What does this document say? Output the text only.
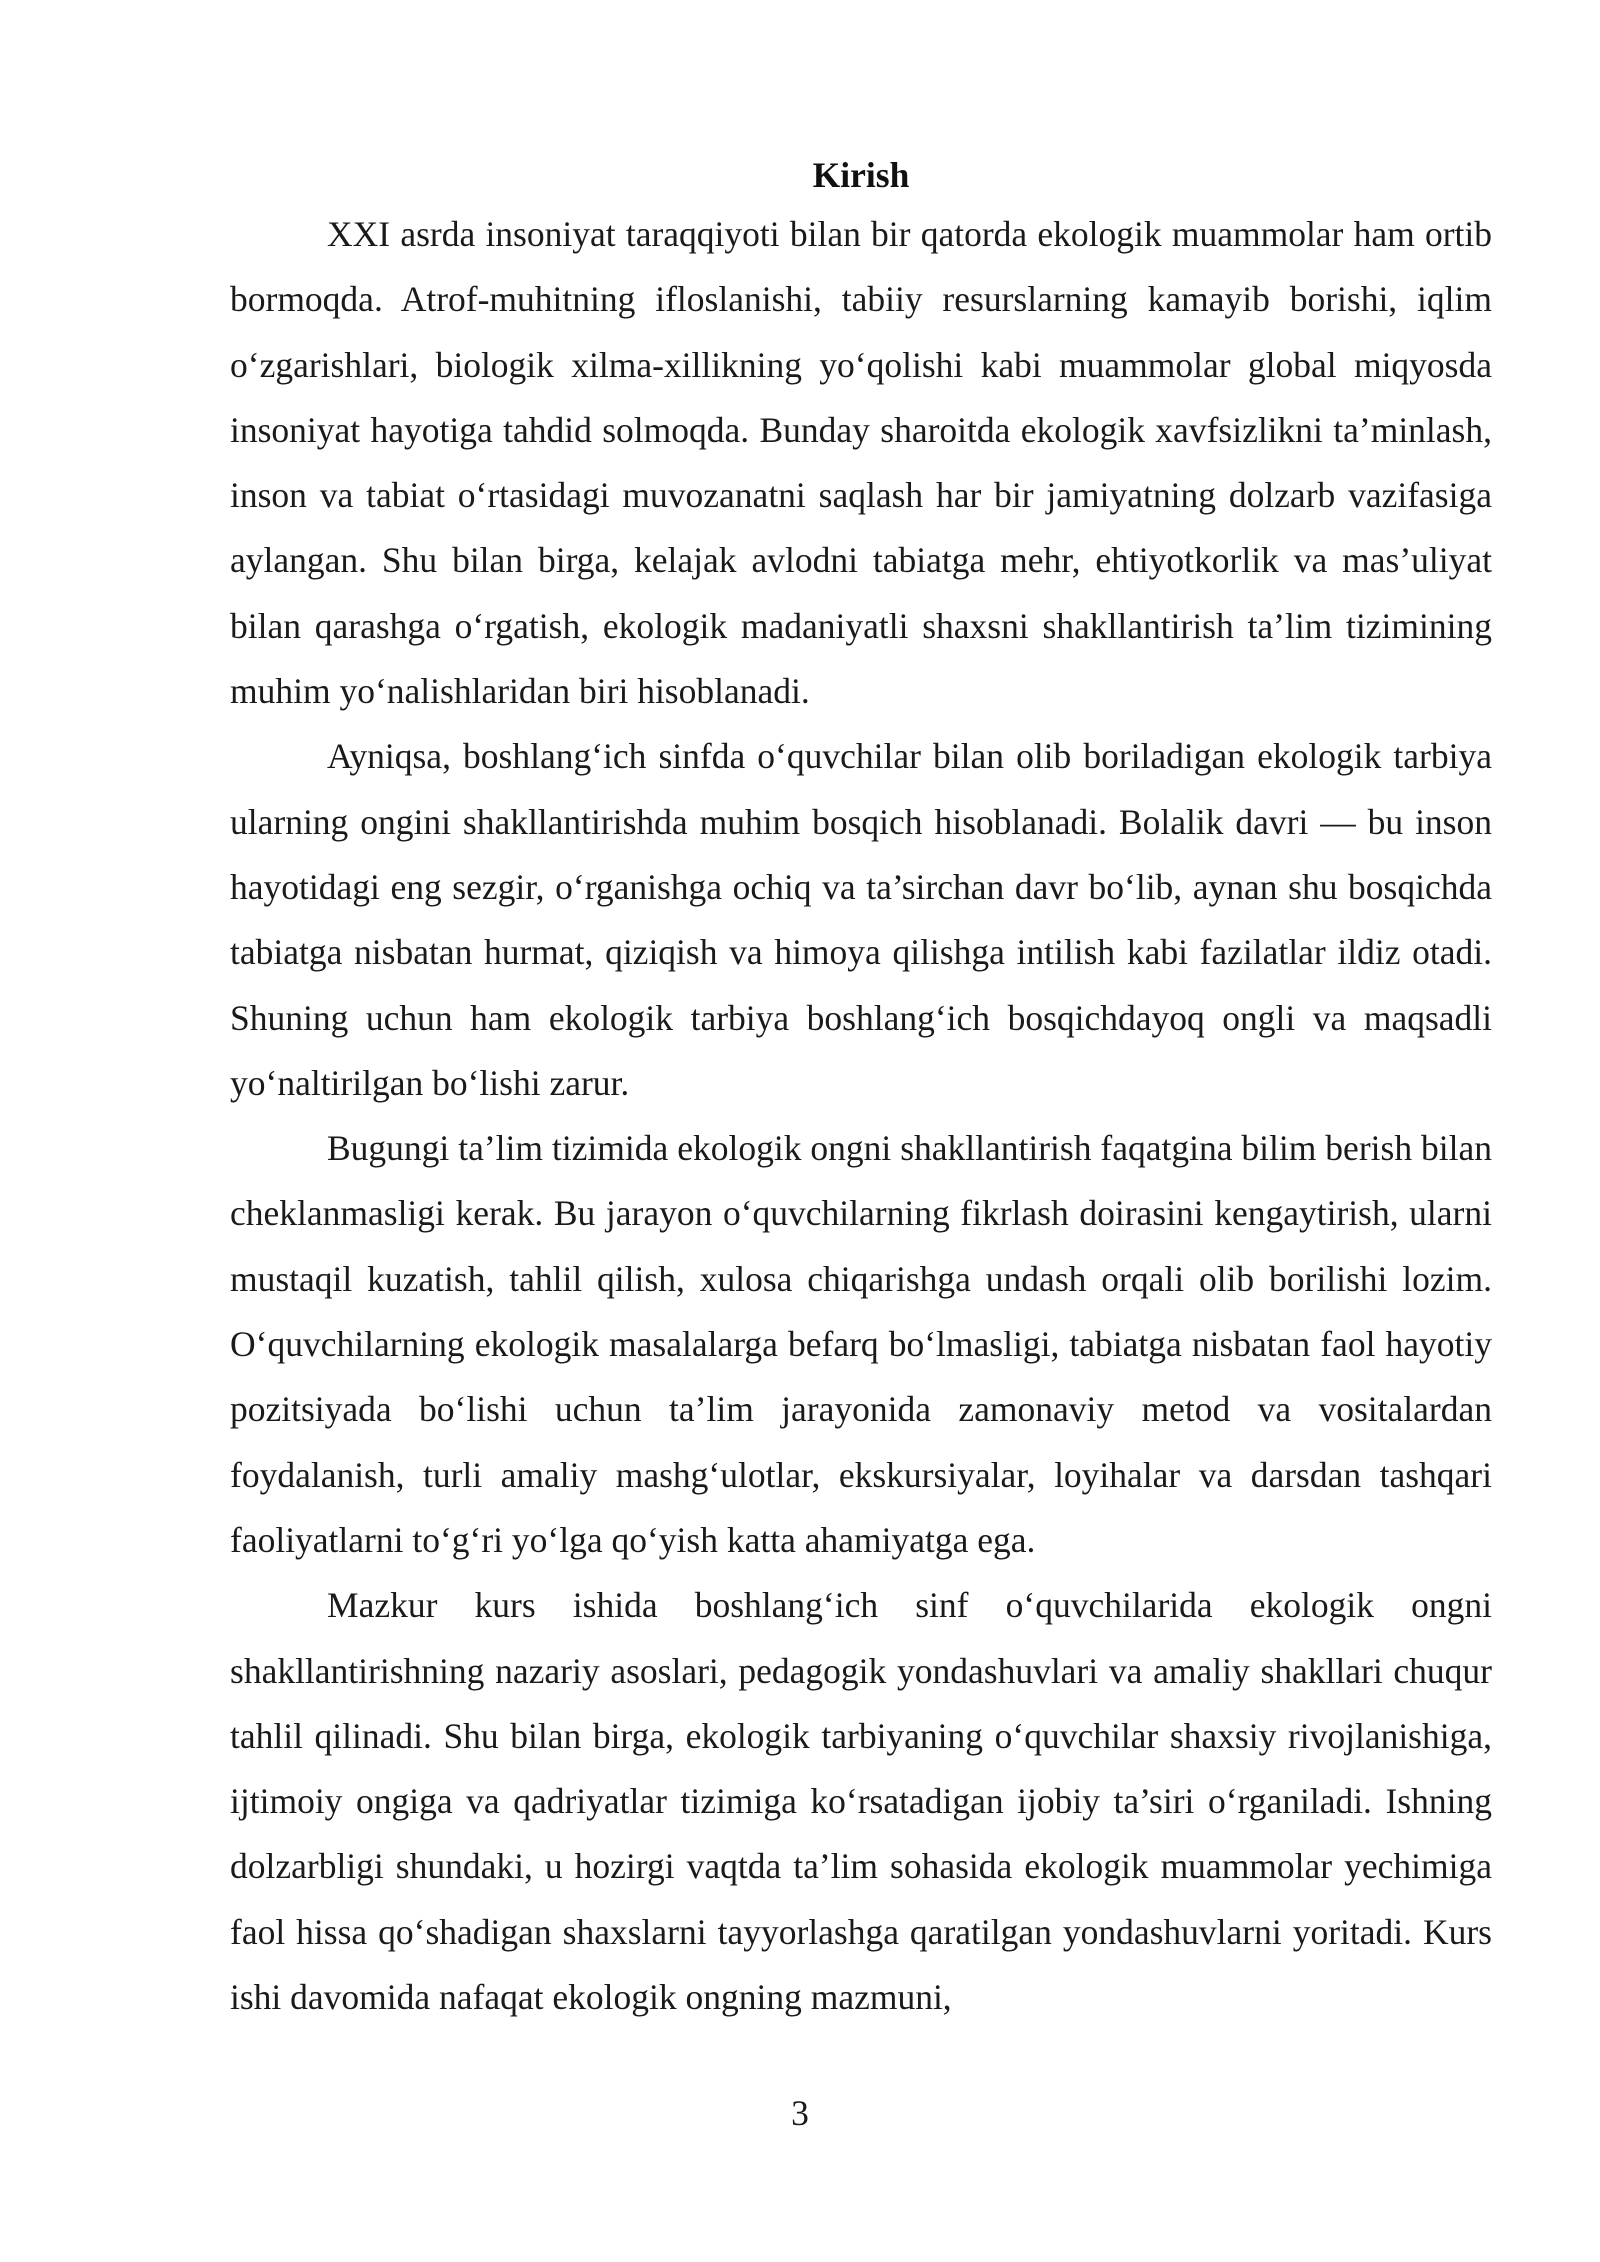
Kirish

XXI asrda insoniyat taraqqiyoti bilan bir qatorda ekologik muammolar ham ortib bormoqda. Atrof-muhitning ifloslanishi, tabiiy resurslarning kamayib borishi, iqlim o‘zgarishlari, biologik xilma-xillikning yo‘qolishi kabi muammolar global miqyosda insoniyat hayotiga tahdid solmoqda. Bunday sharoitda ekologik xavfsizlikni ta’minlash, inson va tabiat o‘rtasidagi muvozanatni saqlash har bir jamiyatning dolzarb vazifasiga aylangan. Shu bilan birga, kelajak avlodni tabiatga mehr, ehtiyotkorlik va mas’uliyat bilan qarashga o‘rgatish, ekologik madaniyatli shaxsni shakllantirish ta’lim tizimining muhim yo‘nalishlaridan biri hisoblanadi.

Ayniqsa, boshlang‘ich sinfda o‘quvchilar bilan olib boriladigan ekologik tarbiya ularning ongini shakllantirishda muhim bosqich hisoblanadi. Bolalik davri — bu inson hayotidagi eng sezgir, o‘rganishga ochiq va ta’sirchan davr bo‘lib, aynan shu bosqichda tabiatga nisbatan hurmat, qiziqish va himoya qilishga intilish kabi fazilatlar ildiz otadi. Shuning uchun ham ekologik tarbiya boshlang‘ich bosqichdayoq ongli va maqsadli yo‘naltirilgan bo‘lishi zarur.

Bugungi ta’lim tizimida ekologik ongni shakllantirish faqatgina bilim berish bilan cheklanmasligi kerak. Bu jarayon o‘quvchilarning fikrlash doirasini kengaytirish, ularni mustaqil kuzatish, tahlil qilish, xulosa chiqarishga undash orqali olib borilishi lozim. O‘quvchilarning ekologik masalalarga befarq bo‘lmasligi, tabiatga nisbatan faol hayotiy pozitsiyada bo‘lishi uchun ta’lim jarayonida zamonaviy metod va vositalardan foydalanish, turli amaliy mashg‘ulotlar, ekskursiyalar, loyihalar va darsdan tashqari faoliyatlarni to‘g‘ri yo‘lga qo‘yish katta ahamiyatga ega.

Mazkur kurs ishida boshlang‘ich sinf o‘quvchilarida ekologik ongni shakllantirishning nazariy asoslari, pedagogik yondashuvlari va amaliy shakllari chuqur tahlil qilinadi. Shu bilan birga, ekologik tarbiyaning o‘quvchilar shaxsiy rivojlanishiga, ijtimoiy ongiga va qadriyatlar tizimiga ko‘rsatadigan ijobiy ta’siri o‘rganiladi. Ishning dolzarbligi shundaki, u hozirgi vaqtda ta’lim sohasida ekologik muammolar yechimiga faol hissa qo‘shadigan shaxslarni tayyorlashga qaratilgan yondashuvlarni yoritadi. Kurs ishi davomida nafaqat ekologik ongning mazmuni,

3
